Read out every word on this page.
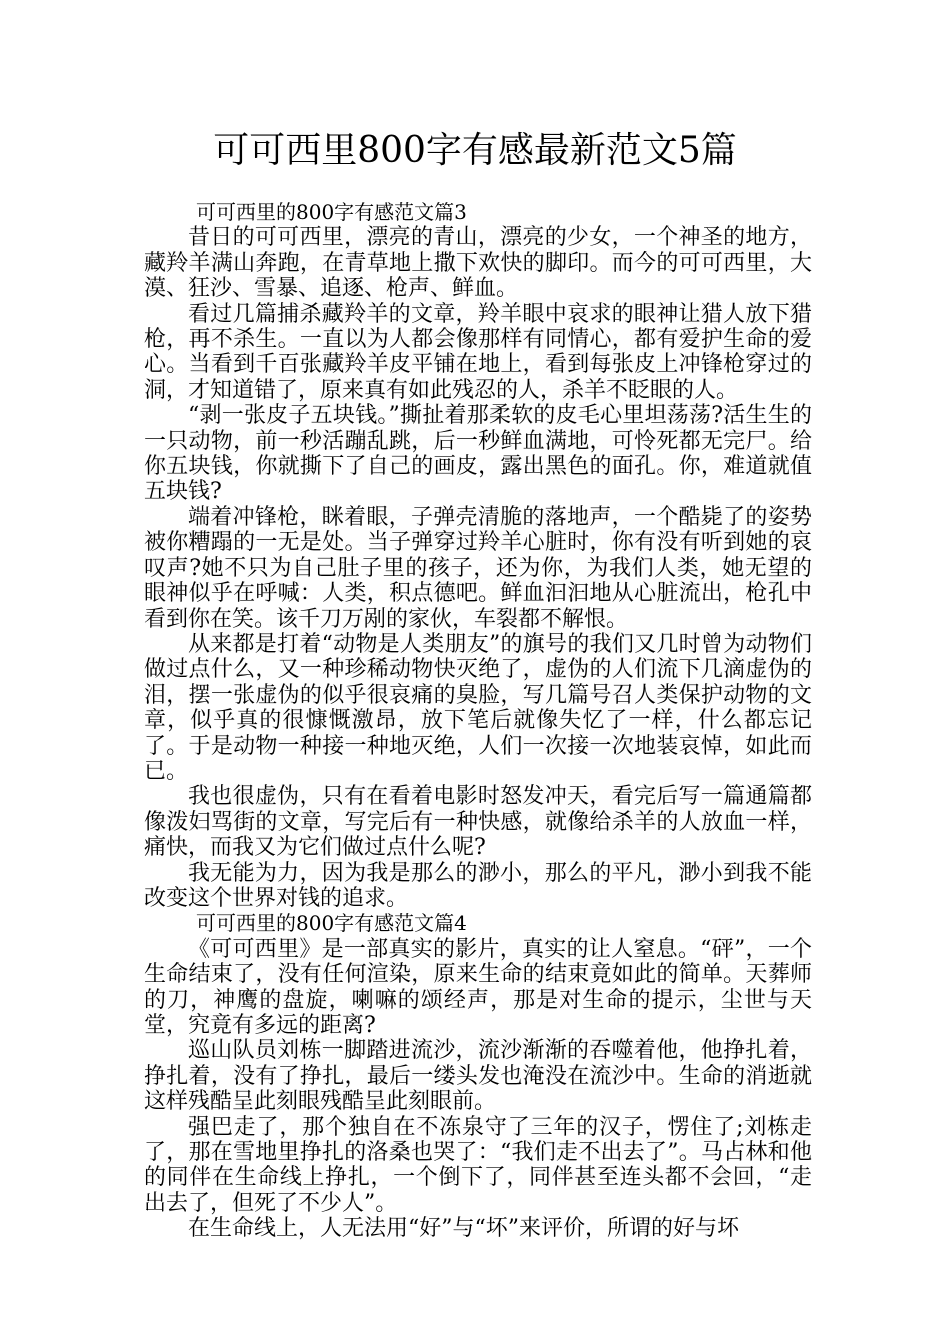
可可西里800字有感最新范文5篇
可可西里的800字有感范文篇3

昔日的可可西里，漂亮的青山，漂亮的少女，一个神圣的地方，藏羚羊满山奔跑，在青草地上撒下欢快的脚印。而今的可可西里，大漠、狂沙、雪暴、追逐、枪声、鲜血。

看过几篇捕杀藏羚羊的文章，羚羊眼中哀求的眼神让猎人放下猎枪，再不杀生。一直以为人都会像那样有同情心，都有爱护生命的爱心。当看到千百张藏羚羊皮平铺在地上，看到每张皮上冲锋枪穿过的洞，才知道错了，原来真有如此残忍的人，杀羊不眨眼的人。

“剥一张皮子五块钱。”撕扯着那柔软的皮毛心里坦荡荡?活生生的一只动物，前一秒活蹦乱跳，后一秒鲜血满地，可怜死都无完尸。给你五块钱，你就撕下了自己的画皮，露出黑色的面孔。你，难道就值五块钱?

端着冲锋枪，眯着眼，子弹壳清脆的落地声，一个酷毙了的姿势被你糟蹋的一无是处。当子弹穿过羚羊心脏时，你有没有听到她的哀叹声?她不只为自己肚子里的孩子，还为你，为我们人类，她无望的眼神似乎在呼喊：人类，积点德吧。鲜血汩汩地从心脏流出，枪孔中看到你在笑。该千刀万剐的家伙，车裂都不解恨。

从来都是打着“动物是人类朋友”的旗号的我们又几时曾为动物们做过点什么，又一种珍稀动物快灭绝了，虚伪的人们流下几滴虚伪的泪，摆一张虚伪的似乎很哀痛的臭脸，写几篇号召人类保护动物的文章，似乎真的很慷慨激昂，放下笔后就像失忆了一样，什么都忘记了。于是动物一种接一种地灭绝，人们一次接一次地装哀悼，如此而已。

我也很虚伪，只有在看着电影时怒发冲天，看完后写一篇通篇都像泼妇骂街的文章，写完后有一种快感，就像给杀羊的人放血一样，痛快，而我又为它们做过点什么呢?

我无能为力，因为我是那么的渺小，那么的平凡，渺小到我不能改变这个世界对钱的追求。

可可西里的800字有感范文篇4

《可可西里》是一部真实的影片，真实的让人窒息。“砰”，一个生命结束了，没有任何渲染，原来生命的结束竟如此的简单。天葬师的刀，神鹰的盘旋，喇嘛的颂经声，那是对生命的提示，尘世与天堂，究竟有多远的距离?

巡山队员刘栋一脚踏进流沙，流沙渐渐的吞噬着他，他挣扎着，挣扎着，没有了挣扎，最后一缕头发也淹没在流沙中。生命的消逝就这样残酷呈此刻眼残酷呈此刻眼前。

强巴走了，那个独自在不冻泉守了三年的汉子，愣住了;刘栋走了，那在雪地里挣扎的洛桑也哭了：“我们走不出去了”。马占林和他的同伴在生命线上挣扎，一个倒下了，同伴甚至连头都不会回，“走出去了，但死了不少人”。

在生命线上，人无法用“好”与“坏”来评价，所谓的好与坏
